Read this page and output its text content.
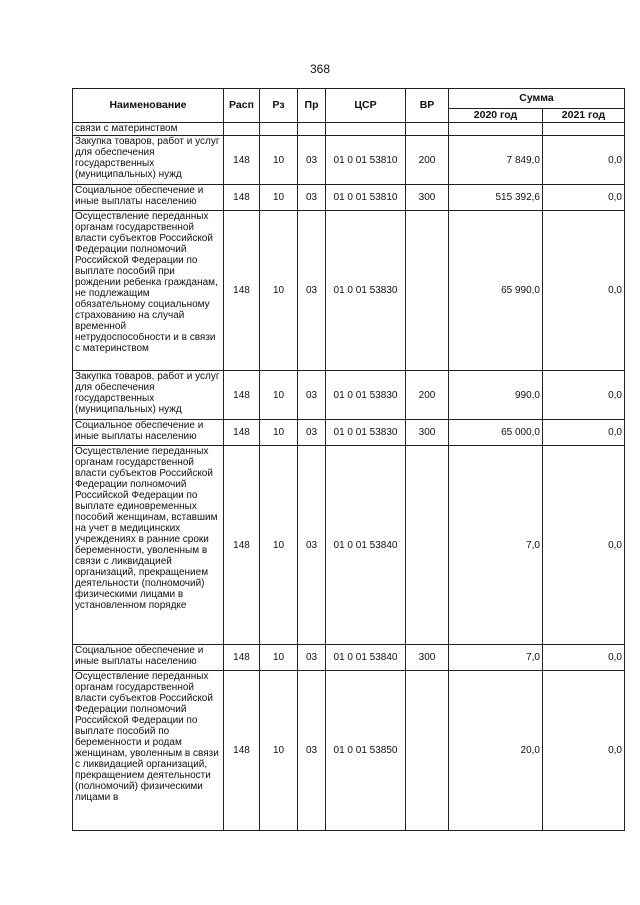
368
Наименование	Расп	Рз	Пр	ЦСР	ВР	Сумма	
						2020 год	2021 год
связи с материнством							
Закупка товаров, работ и услуг для обеспечения государственных (муниципальных) нужд	148	10	03	01 0 01 53810	200	7 849,0	0,0
Социальное обеспечение и иные выплаты населению	148	10	03	01 0 01 53810	300	515 392,6	0,0
Осуществление переданных органам государственной власти субъектов Российской Федерации полномочий Российской Федерации по выплате пособий при рождении ребенка гражданам, не подлежащим обязательному социальному страхованию на случай временной нетрудоспособности и в связи с материнством	148	10	03	01 0 01 53830		65 990,0	0,0
Закупка товаров, работ и услуг для обеспечения государственных (муниципальных) нужд	148	10	03	01 0 01 53830	200	990,0	0,0
Социальное обеспечение и иные выплаты населению	148	10	03	01 0 01 53830	300	65 000,0	0,0
Осуществление переданных органам государственной власти субъектов Российской Федерации полномочий Российской Федерации по выплате единовременных пособий женщинам, вставшим на учет в медицинских учреждениях в ранние сроки беременности, уволенным в связи с ликвидацией организаций, прекращением деятельности (полномочий) физическими лицами в установленном порядке	148	10	03	01 0 01 53840		7,0	0,0
Социальное обеспечение и иные выплаты населению	148	10	03	01 0 01 53840	300	7,0	0,0
Осуществление переданных органам государственной власти субъектов Российской Федерации полномочий Российской Федерации по выплате пособий по беременности и родам женщинам, уволенным в связи с ликвидацией организаций, прекращением деятельности (полномочий) физическими лицами в	148	10	03	01 0 01 53850		20,0	0,0
